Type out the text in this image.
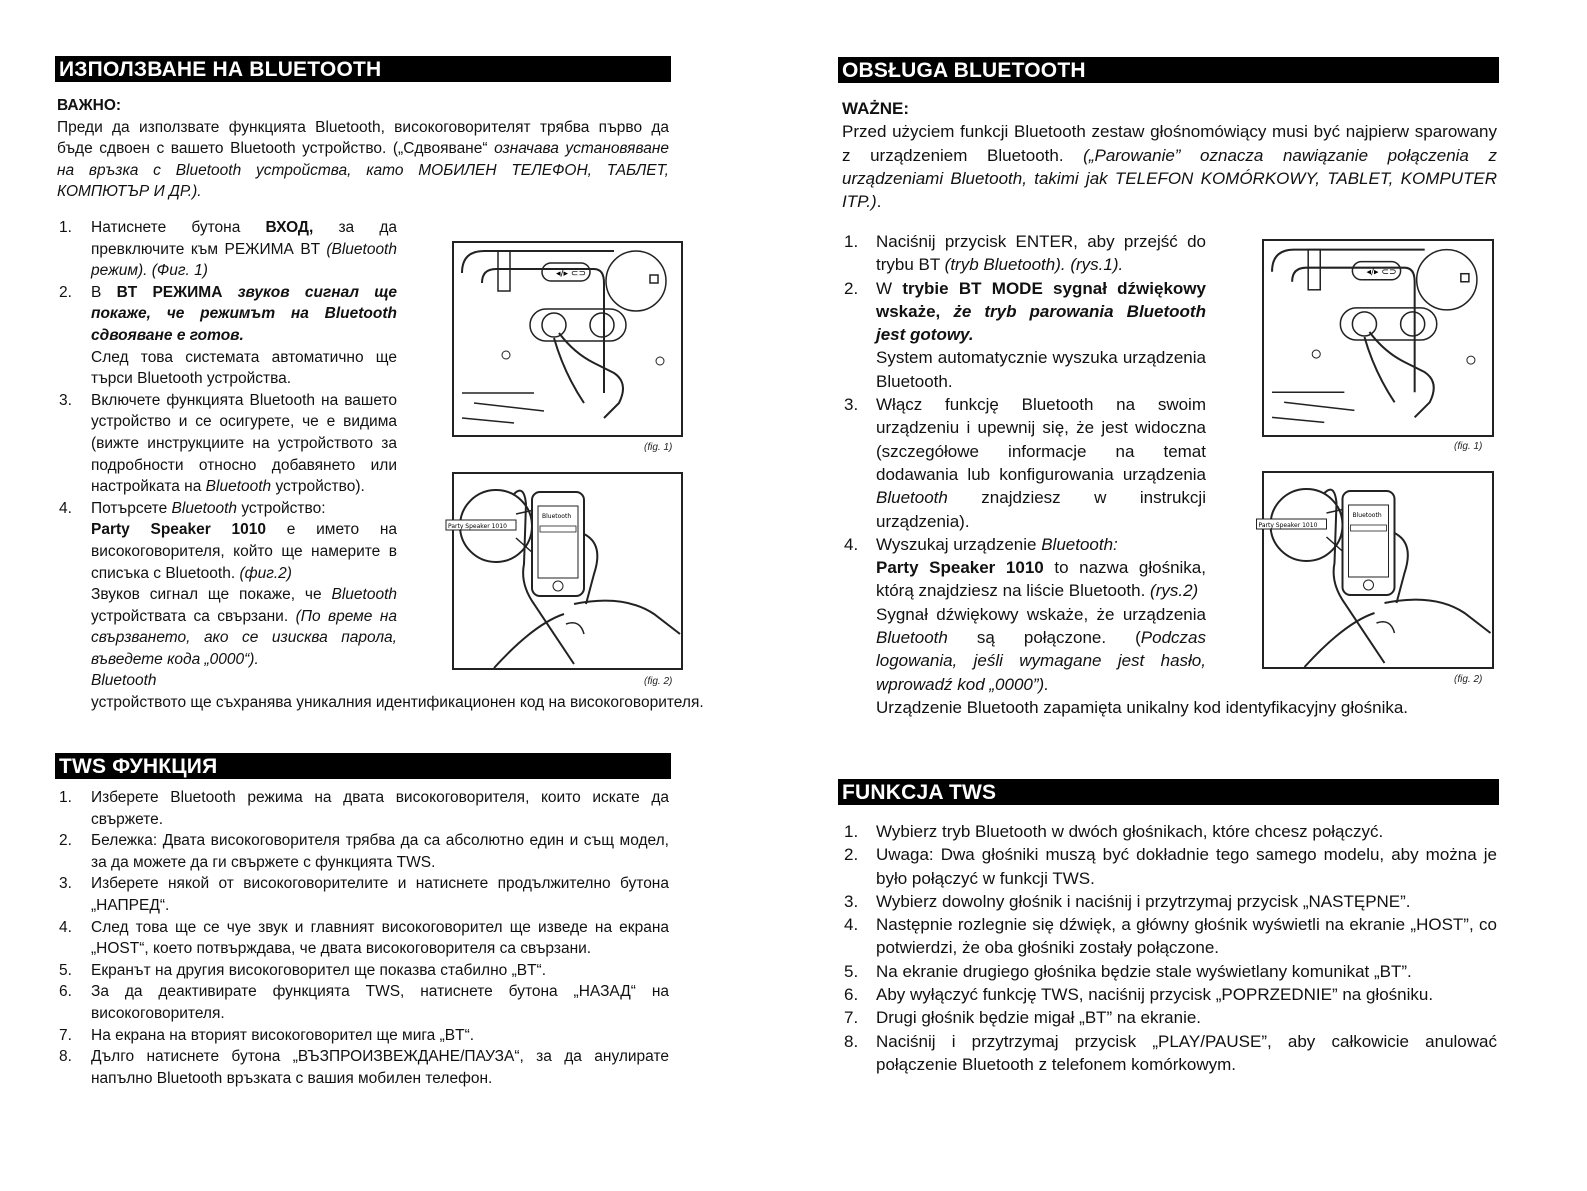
ИЗПОЛЗВАНЕ НА BLUETOOTH
ВАЖНО:
Преди да използвате функцията Bluetooth, високоговорителят трябва първо да бъде сдвоен с вашето Bluetooth устройство. („Сдвояване“ означава установяване на връзка с Bluetooth устройства, като МОБИЛЕН ТЕЛЕФОН, ТАБЛЕТ, КОМПЮТЪР И ДР.).
1. Натиснете бутона ВХОД, за да превключите към РЕЖИМА BT (Bluetooth режим). (Фиг. 1)
2. В BT РЕЖИМА звуков сигнал ще покаже, че режимът на Bluetooth сдвояване е готов.
След това системата автоматично ще търси Bluetooth устройства.
3. Включете функцията Bluetooth на вашето устройство и се осигурете, че е видима (вижте инструкциите на устройството за подробности относно добавянето или настройката на Bluetooth устройство).
4. Потърсете Bluetooth устройство:
Party Speaker 1010 е името на високоговорителя, който ще намерите в списъка с Bluetooth. (фиг.2)
Звуков сигнал ще покаже, че Bluetooth устройствата са свързани. (По време на свързването, ако се изисква парола, въведете кода „0000“).
Bluetooth устройството ще съхранява уникалния идентификационен код на високоговорителя.
◂/▸ ⊂⊃
(fig. 1)
Party Speaker 1010
Bluetooth
(fig. 2)
TWS ФУНКЦИЯ
1. Изберете Bluetooth режима на двата високоговорителя, които искате да свържете.
2. Бележка: Двата високоговорителя трябва да са абсолютно един и същ модел, за да можете да ги свържете с функцията TWS.
3. Изберете някой от високоговорителите и натиснете продължително бутона „НАПРЕД“.
4. След това ще се чуе звук и главният високоговорител ще изведе на екрана „HOST“, което потвърждава, че двата високоговорителя са свързани.
5. Екранът на другия високоговорител ще показва стабилно „BT“.
6. За да деактивирате функцията TWS, натиснете бутона „НАЗАД“ на високоговорителя.
7. На екрана на вторият високоговорител ще мига „BT“.
8. Дълго натиснете бутона „ВЪЗПРОИЗВЕЖДАНЕ/ПАУЗА“, за да анулирате напълно Bluetooth връзката с вашия мобилен телефон.
OBSŁUGA BLUETOOTH
WAŻNE:
Przed użyciem funkcji Bluetooth zestaw głośnomówiący musi być najpierw sparowany z urządzeniem Bluetooth. („Parowanie” oznacza nawiązanie połączenia z urządzeniami Bluetooth, takimi jak TELEFON KOMÓRKOWY, TABLET, KOMPUTER ITP.).
1. Naciśnij przycisk ENTER, aby przejść do trybu BT (tryb Bluetooth). (rys.1).
2. W trybie BT MODE sygnał dźwiękowy wskaże, że tryb parowania Bluetooth jest gotowy.
System automatycznie wyszuka urządzenia Bluetooth.
3. Włącz funkcję Bluetooth na swoim urządzeniu i upewnij się, że jest widoczna (szczegółowe informacje na temat dodawania lub konfigurowania urządzenia Bluetooth znajdziesz w instrukcji urządzenia).
4. Wyszukaj urządzenie Bluetooth:
Party Speaker 1010 to nazwa głośnika, którą znajdziesz na liście Bluetooth. (rys.2)
Sygnał dźwiękowy wskaże, że urządzenia Bluetooth są połączone. (Podczas logowania, jeśli wymagane jest hasło, wprowadź kod „0000”).
Urządzenie Bluetooth zapamięta unikalny kod identyfikacyjny głośnika.
◂/▸ ⊂⊃
(fig. 1)
Party Speaker 1010
Bluetooth
(fig. 2)
FUNKCJA TWS
1. Wybierz tryb Bluetooth w dwóch głośnikach, które chcesz połączyć.
2. Uwaga: Dwa głośniki muszą być dokładnie tego samego modelu, aby można je było połączyć w funkcji TWS.
3. Wybierz dowolny głośnik i naciśnij i przytrzymaj przycisk „NASTĘPNE”.
4. Następnie rozlegnie się dźwięk, a główny głośnik wyświetli na ekranie „HOST”, co potwierdzi, że oba głośniki zostały połączone.
5. Na ekranie drugiego głośnika będzie stale wyświetlany komunikat „BT”.
6. Aby wyłączyć funkcję TWS, naciśnij przycisk „POPRZEDNIE” na głośniku.
7. Drugi głośnik będzie migał „BT” na ekranie.
8. Naciśnij i przytrzymaj przycisk „PLAY/PAUSE”, aby całkowicie anulować połączenie Bluetooth z telefonem komórkowym.
